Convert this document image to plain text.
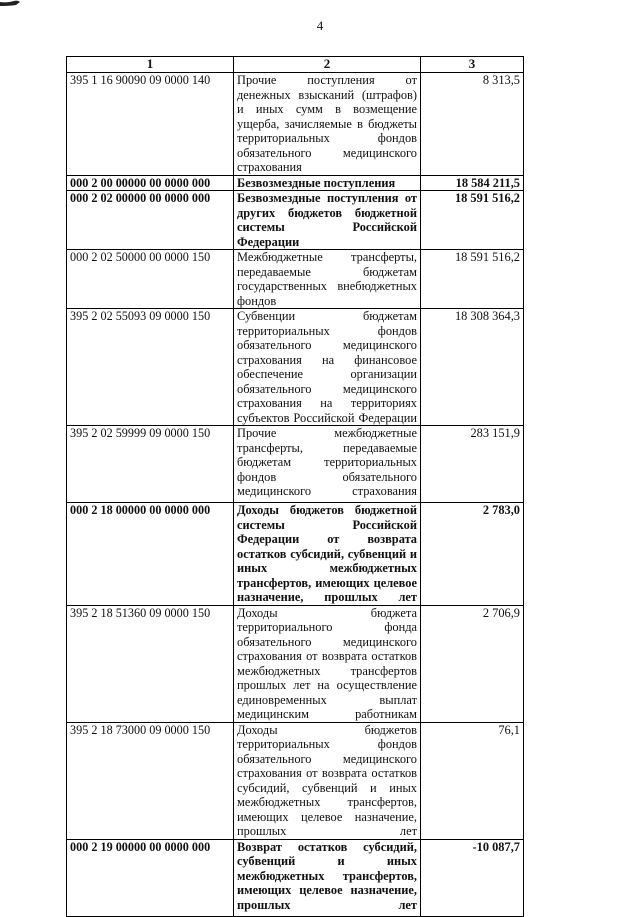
4
1	2	3
395 1 16 90090 09 0000 140	Прочие поступления от денежных взысканий (штрафов) и иных сумм в возмещение ущерба, зачисляемые в бюджеты территориальных фондов обязательного медицинского страхования	8 313,5
000 2 00 00000 00 0000 000	Безвозмездные поступления	18 584 211,5
000 2 02 00000 00 0000 000	Безвозмездные поступления от других бюджетов бюджетной системы Российской Федерации	18 591 516,2
000 2 02 50000 00 0000 150	Межбюджетные трансферты, передаваемые бюджетам государственных внебюджетных фондов	18 591 516,2
395 2 02 55093 09 0000 150	Субвенции бюджетам территориальных фондов обязательного медицинского страхования на финансовое обеспечение организации обязательного медицинского страхования на территориях субъектов Российской Федерации	18 308 364,3
395 2 02 59999 09 0000 150	Прочие межбюджетные трансферты, передаваемые бюджетам территориальных фондов обязательного медицинского страхования	283 151,9
000 2 18 00000 00 0000 000	Доходы бюджетов бюджетной системы Российской Федерации от возврата остатков субсидий, субвенций и иных межбюджетных трансфертов, имеющих целевое назначение, прошлых лет	2 783,0
395 2 18 51360 09 0000 150	Доходы бюджета территориального фонда обязательного медицинского страхования от возврата остатков межбюджетных трансфертов прошлых лет на осуществление единовременных выплат медицинским работникам	2 706,9
395 2 18 73000 09 0000 150	Доходы бюджетов территориальных фондов обязательного медицинского страхования от возврата остатков субсидий, субвенций и иных межбюджетных трансфертов, имеющих целевое назначение, прошлых лет	76,1
000 2 19 00000 00 0000 000	Возврат остатков субсидий, субвенций и иных межбюджетных трансфертов, имеющих целевое назначение, прошлых лет	-10 087,7
